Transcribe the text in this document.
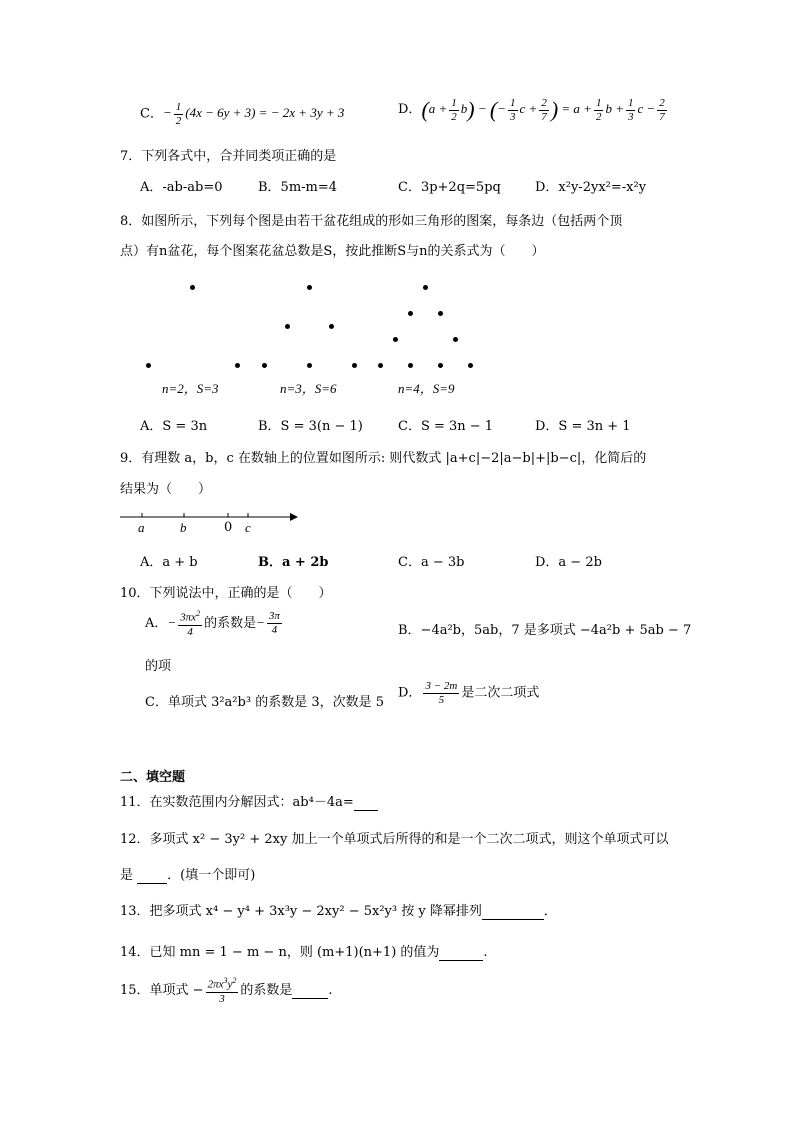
C．− $\frac{1}{2} (4x - 6y + 3)$ = − 2x + 3y + 3	D．$(a + \frac{1}{2} b)$ − (− $\frac{1}{3}$ $c + \frac{2}{7}$ ) = $a + \frac{1}{2}$ $b + \frac{1}{3}$ $c - \frac{2}{7}$
7．下列各式中，合并同类项正确的是
A．-ab-ab=0	B．5m-m=4	C．3p+2q=5pq	D．x²y-2yx²=-x²y
8．如图所示，下列每个图是由若干盆花组成的形如三角形的图案，每条边（包括两个顶
点）有n盆花，每个图案花盆总数是S，按此推断S与n的关系式为（　　）
n=2，S=3	n=3，S=6	n=4，S=9
A．S = 3n	B．S = 3(n − 1)	C．S = 3n − 1	D．S = 3n + 1
9．有理数 a，b，c 在数轴上的位置如图所示: 则代数式 |a+c|−2|a−b|+|b−c|，化简后的
结果为（　　）
a	b	0 c
A．a + b	B．a + 2b	C．a − 3b	D．a − 2b
10．下列说法中，正确的是（　　）
A．− $\frac{3\pi x^2}{4}$ 的系数是− $\frac{3\pi}{4}$	B．−4a²b，5ab，7 是多项式 −4a²b + 5ab − 7
的项
C．单项式 3²a²b³ 的系数是 3，次数是 5
D． $\frac{3 - 2m}{5}$ 是二次二项式
二、填空题
11．在实数范围内分解因式：ab⁴－4a=
12．多项式 x² − 3y² + 2xy 加上一个单项式后所得的和是一个二次二项式，则这个单项式可以
是	．(填一个即可)
13．把多项式 x⁴ − y⁴ + 3x³y − 2xy² − 5x²y³ 按 y 降幂排列	．
14．已知 mn = 1 − m − n，则 (m+1)(n+1) 的值为	.
15．单项式 − $\frac{2\pi x^3y^2}{3}$ 的系数是	.
